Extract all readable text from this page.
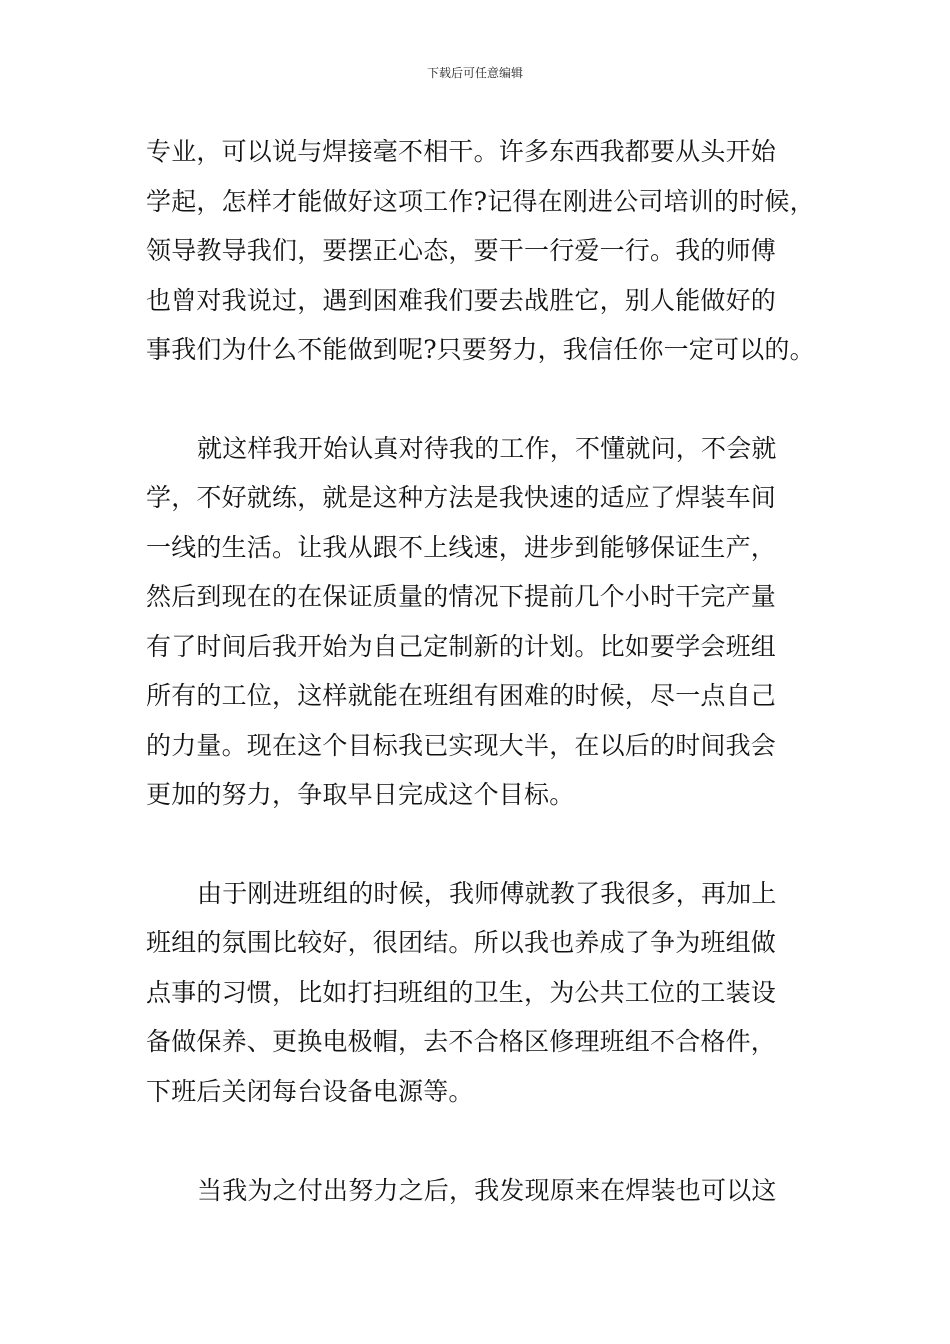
下载后可任意编辑
专业，可以说与焊接毫不相干。许多东西我都要从头开始
学起，怎样才能做好这项工作?记得在刚进公司培训的时候，
领导教导我们，要摆正心态，要干一行爱一行。我的师傅
也曾对我说过，遇到困难我们要去战胜它，别人能做好的
事我们为什么不能做到呢?只要努力，我信任你一定可以的。
就这样我开始认真对待我的工作，不懂就问，不会就
学，不好就练，就是这种方法是我快速的适应了焊装车间
一线的生活。让我从跟不上线速，进步到能够保证生产，
然后到现在的在保证质量的情况下提前几个小时干完产量
有了时间后我开始为自己定制新的计划。比如要学会班组
所有的工位，这样就能在班组有困难的时候，尽一点自己
的力量。现在这个目标我已实现大半，在以后的时间我会
更加的努力，争取早日完成这个目标。
由于刚进班组的时候，我师傅就教了我很多，再加上
班组的氛围比较好，很团结。所以我也养成了争为班组做
点事的习惯，比如打扫班组的卫生，为公共工位的工装设
备做保养、更换电极帽，去不合格区修理班组不合格件，
下班后关闭每台设备电源等。
当我为之付出努力之后，我发现原来在焊装也可以这
